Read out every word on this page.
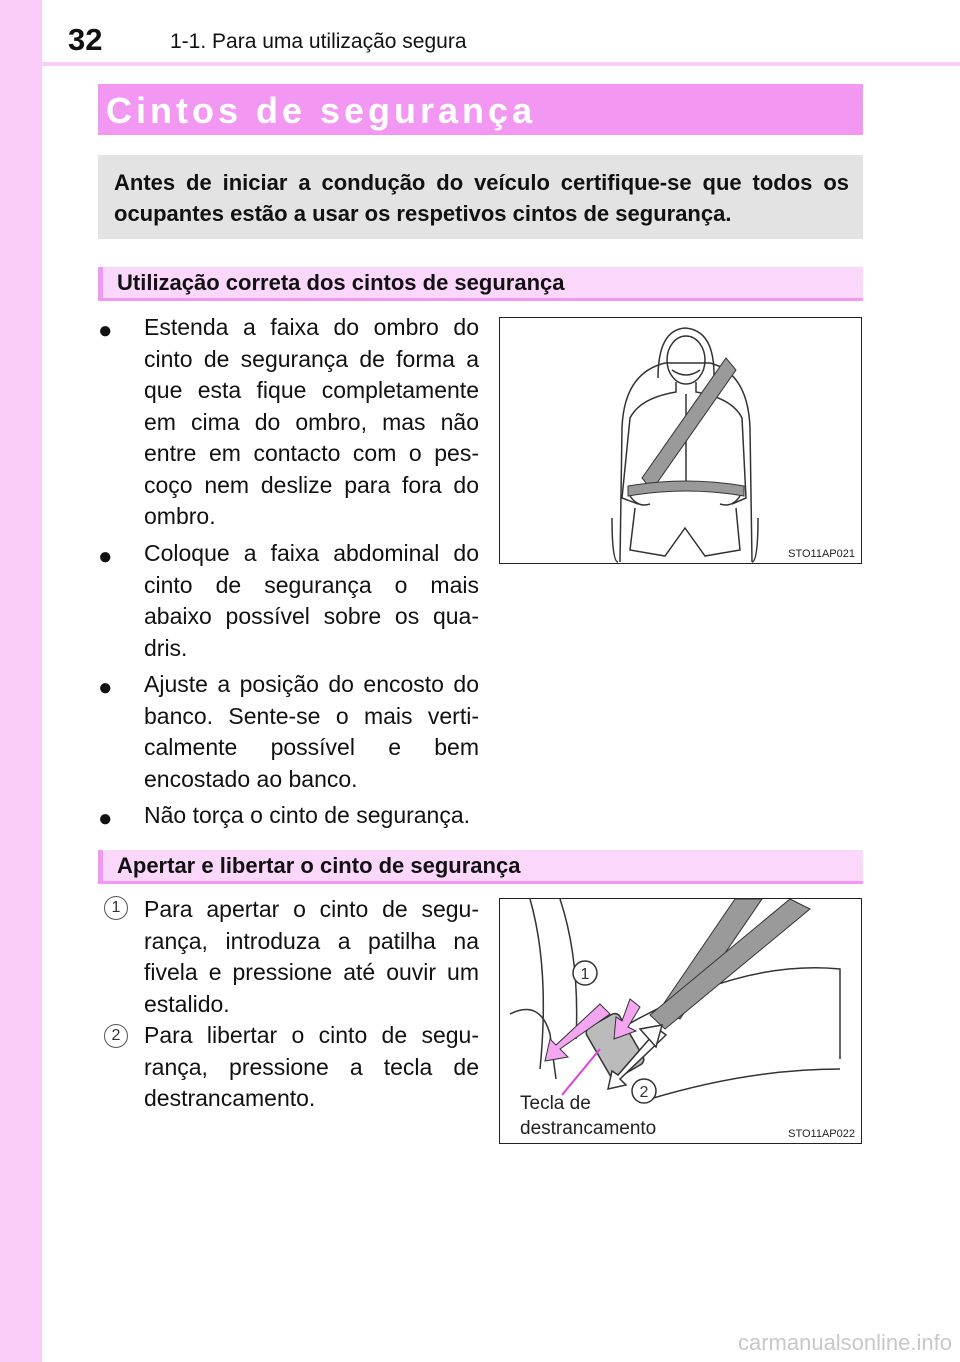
32	1-1. Para uma utilização segura
Cintos de segurança
Antes de iniciar a condução do veículo certifique-se que todos os ocupantes estão a usar os respetivos cintos de segurança.
Utilização correta dos cintos de segurança
●	Estenda a faixa do ombro do cinto de segurança de forma a que esta fique completamente em cima do ombro, mas não entre em contacto com o pes-coço nem deslize para fora do ombro.
●	Coloque a faixa abdominal do cinto de segurança o mais abaixo possível sobre os qua-dris.
●	Ajuste a posição do encosto do banco. Sente-se o mais verti-calmente possível e bem encostado ao banco.
●	Não torça o cinto de segurança.
STO11AP021
Apertar e libertar o cinto de segurança
1	Para apertar o cinto de segu-rança, introduza a patilha na fivela e pressione até ouvir um estalido.
2	Para libertar o cinto de segu-rança, pressione a tecla de destrancamento.
1
2
Tecla de
destrancamento	STO11AP022
carmanualsonline.info
